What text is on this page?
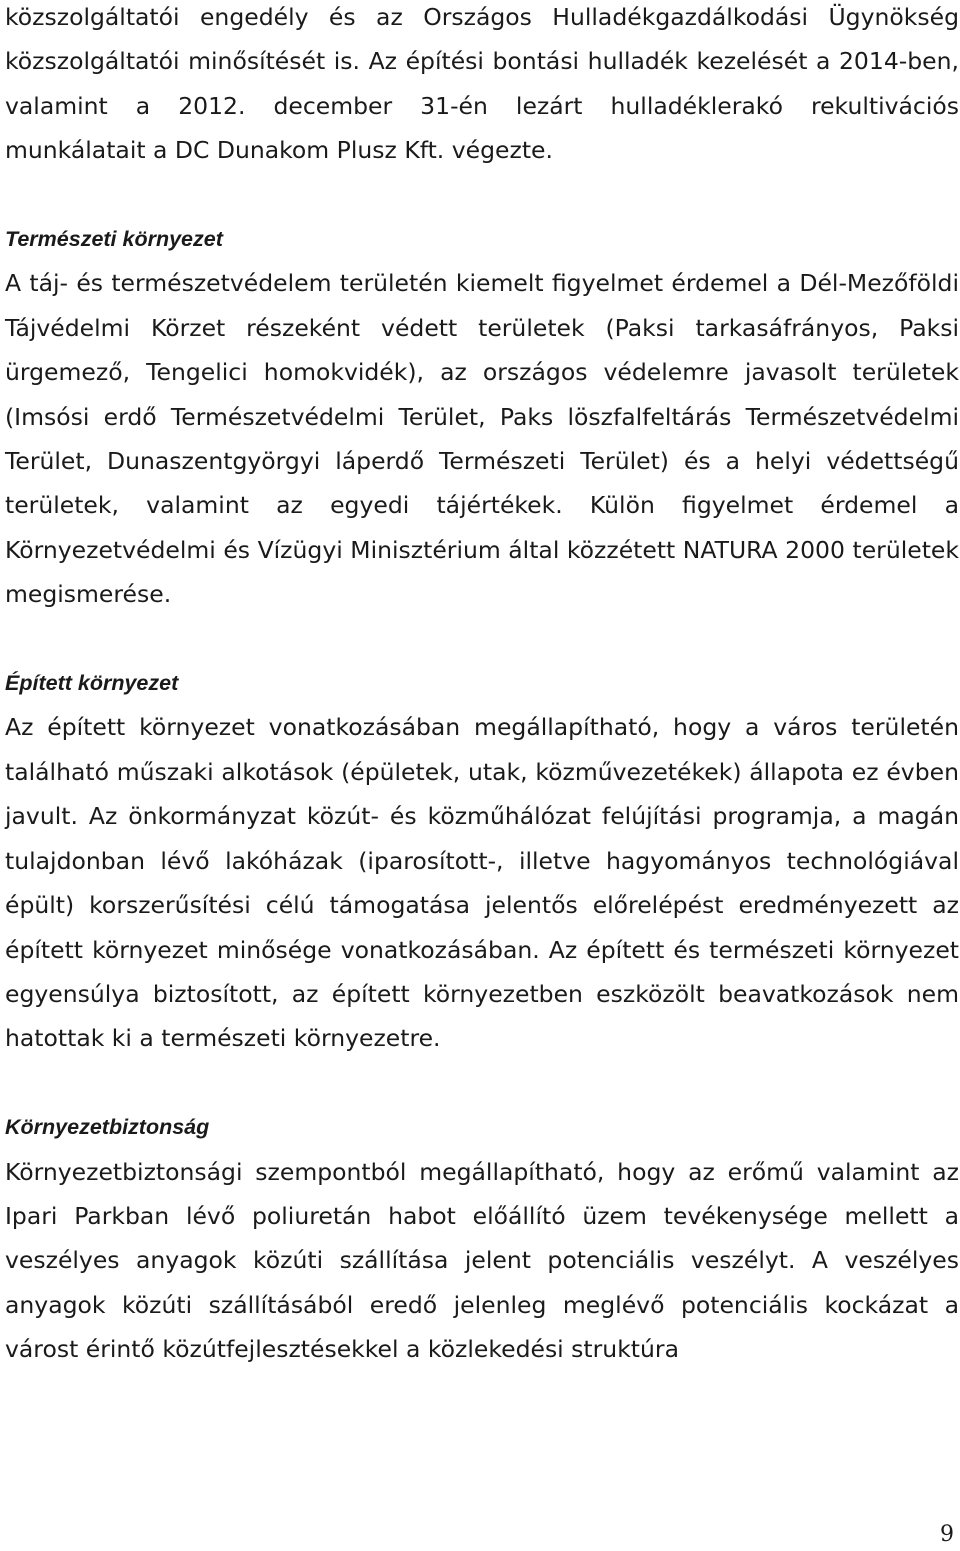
közszolgáltatói engedély és az Országos Hulladékgazdálkodási Ügynökség közszolgáltatói minősítését is. Az építési bontási hulladék kezelését a 2014-ben, valamint a 2012. december 31-én lezárt hulladéklerakó rekultivációs munkálatait a DC Dunakom Plusz Kft. végezte.

Természeti környezet

A táj- és természetvédelem területén kiemelt figyelmet érdemel a Dél-Mezőföldi Tájvédelmi Körzet részeként védett területek (Paksi tarkasáfrányos, Paksi ürgemező, Tengelici homokvidék), az országos védelemre javasolt területek (Imsósi erdő Természetvédelmi Terület, Paks löszfalfeltárás Természetvédelmi Terület, Dunaszentgyörgyi láperdő Természeti Terület) és a helyi védettségű területek, valamint az egyedi tájértékek. Külön figyelmet érdemel a Környezetvédelmi és Vízügyi Minisztérium által közzétett NATURA 2000 területek megismerése.

Épített környezet

Az épített környezet vonatkozásában megállapítható, hogy a város területén található műszaki alkotások (épületek, utak, közművezetékek) állapota ez évben javult. Az önkormányzat közút- és közműhálózat felújítási programja, a magán tulajdonban lévő lakóházak (iparosított-, illetve hagyományos technológiával épült) korszerűsítési célú támogatása jelentős előrelépést eredményezett az épített környezet minősége vonatkozásában. Az épített és természeti környezet egyensúlya biztosított, az épített környezetben eszközölt beavatkozások nem hatottak ki a természeti környezetre.

Környezetbiztonság

Környezetbiztonsági szempontból megállapítható, hogy az erőmű valamint az Ipari Parkban lévő poliuretán habot előállító üzem tevékenysége mellett a veszélyes anyagok közúti szállítása jelent potenciális veszélyt. A veszélyes anyagok közúti szállításából eredő jelenleg meglévő potenciális kockázat a várost érintő közútfejlesztésekkel a közlekedési struktúra

9
